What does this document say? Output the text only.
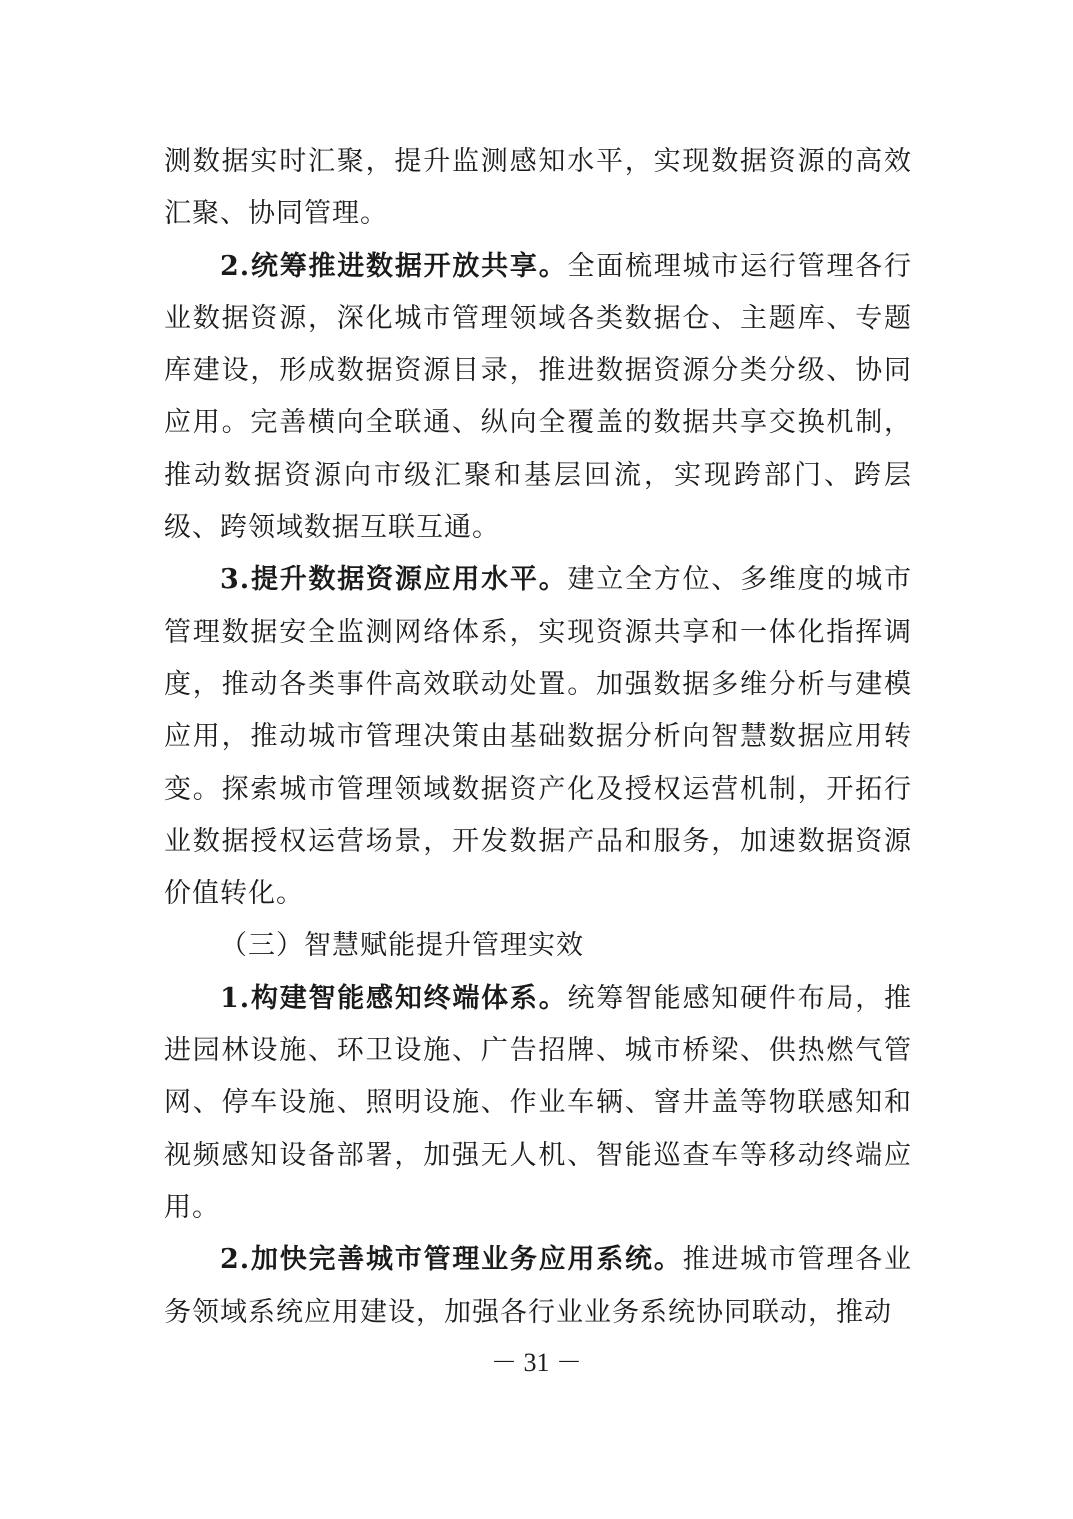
测数据实时汇聚，提升监测感知水平，实现数据资源的高效汇聚、协同管理。

2.统筹推进数据开放共享。全面梳理城市运行管理各行业数据资源，深化城市管理领域各类数据仓、主题库、专题库建设，形成数据资源目录，推进数据资源分类分级、协同应用。完善横向全联通、纵向全覆盖的数据共享交换机制，推动数据资源向市级汇聚和基层回流，实现跨部门、跨层级、跨领域数据互联互通。

3.提升数据资源应用水平。建立全方位、多维度的城市管理数据安全监测网络体系，实现资源共享和一体化指挥调度，推动各类事件高效联动处置。加强数据多维分析与建模应用，推动城市管理决策由基础数据分析向智慧数据应用转变。探索城市管理领域数据资产化及授权运营机制，开拓行业数据授权运营场景，开发数据产品和服务，加速数据资源价值转化。

（三）智慧赋能提升管理实效

1.构建智能感知终端体系。统筹智能感知硬件布局，推进园林设施、环卫设施、广告招牌、城市桥梁、供热燃气管网、停车设施、照明设施、作业车辆、窨井盖等物联感知和视频感知设备部署，加强无人机、智能巡查车等移动终端应用。

2.加快完善城市管理业务应用系统。推进城市管理各业务领域系统应用建设，加强各行业业务系统协同联动，推动

－ 31 －
